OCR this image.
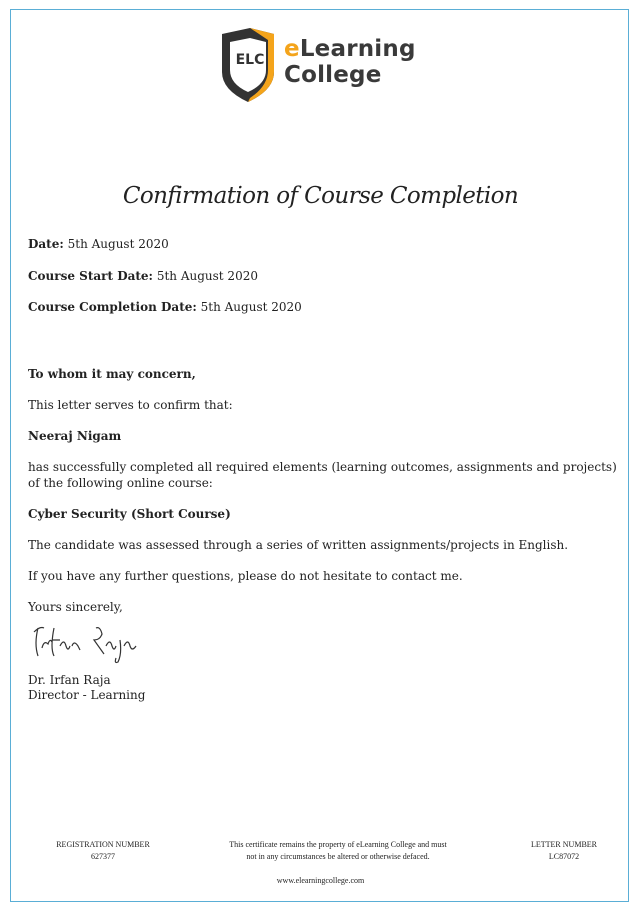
ELC eLearning
College
Confirmation of Course Completion
Date: 5th August 2020
Course Start Date: 5th August 2020
Course Completion Date: 5th August 2020
To whom it may concern,
This letter serves to confirm that:
Neeraj Nigam
has successfully completed all required elements (learning outcomes, assignments and projects) of the following online course:
Cyber Security (Short Course)
The candidate was assessed through a series of written assignments/projects in English.
If you have any further questions, please do not hesitate to contact me.
Yours sincerely,
Dr. Irfan Raja
Director - Learning
REGISTRATION NUMBER
627377
This certificate remains the property of eLearning College and must
not in any circumstances be altered or otherwise defaced.
LETTER NUMBER
LC87072
www.elearningcollege.com
